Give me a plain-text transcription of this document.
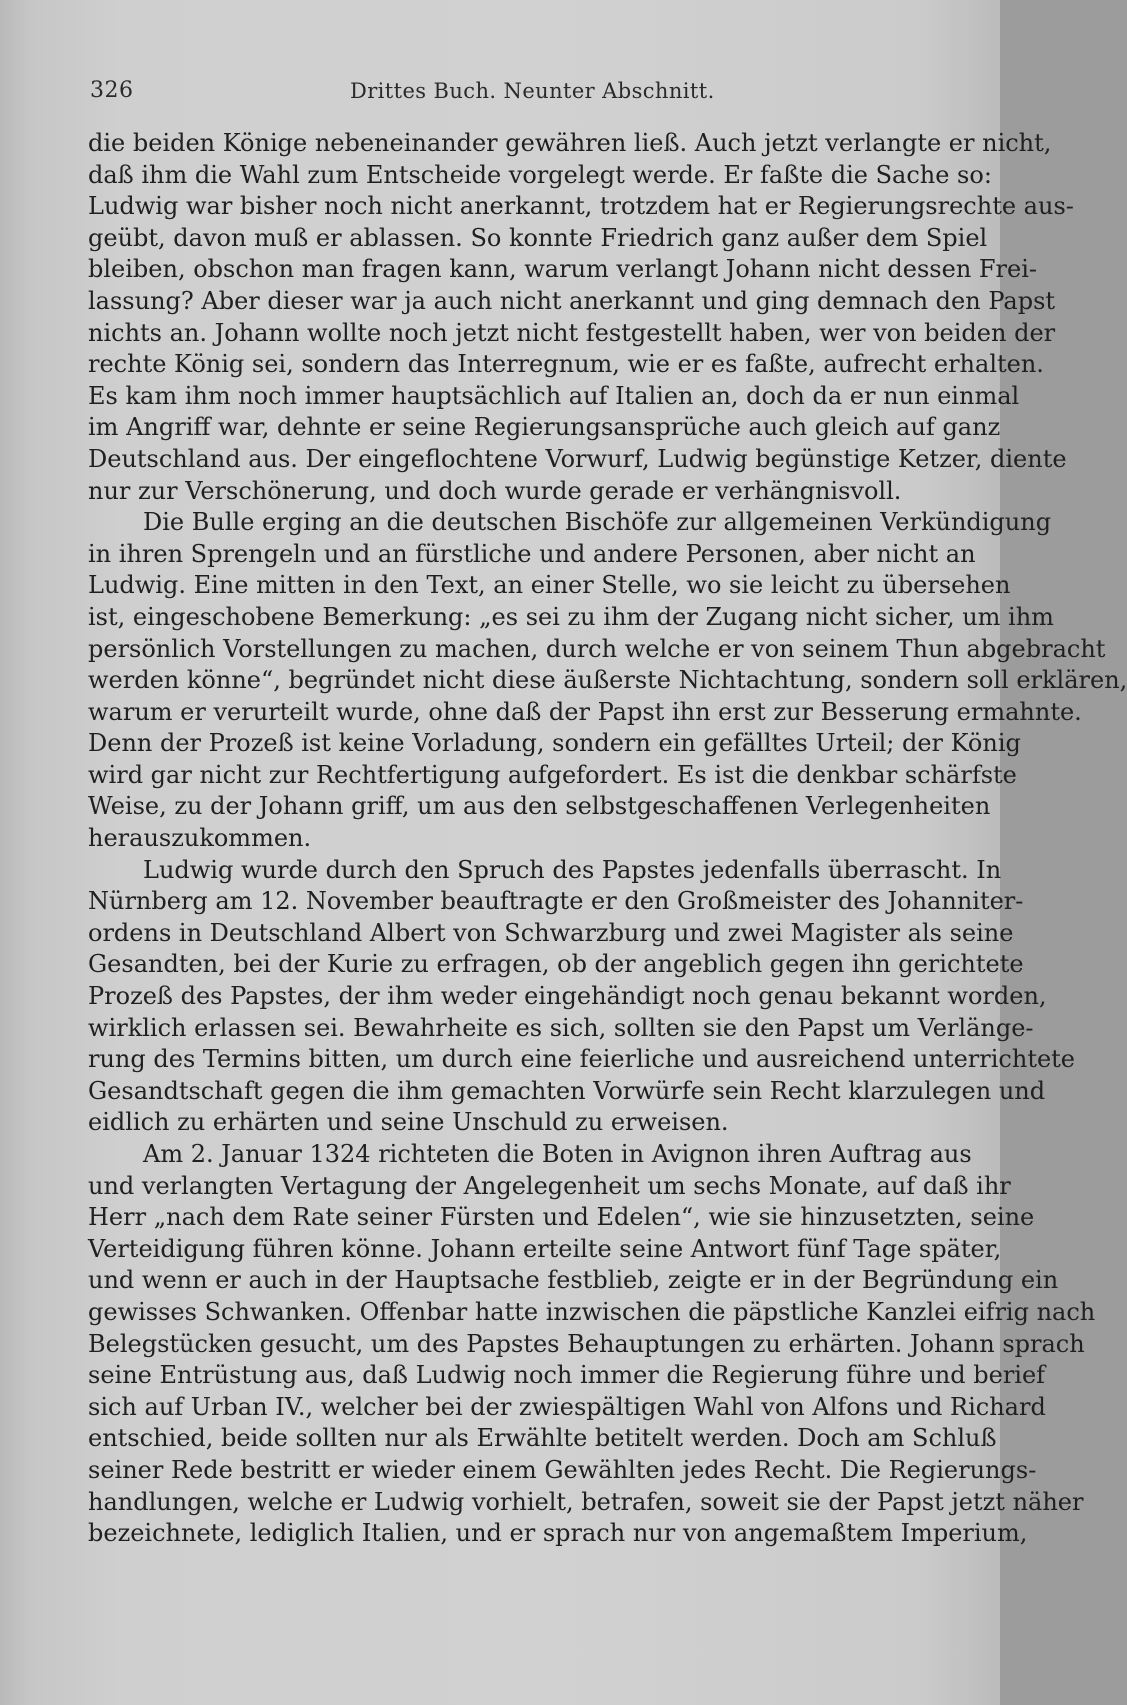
326	Drittes Buch. Neunter Abschnitt.
die beiden Könige nebeneinander gewähren ließ. Auch jetzt verlangte er nicht,
daß ihm die Wahl zum Entscheide vorgelegt werde. Er faßte die Sache so:
Ludwig war bisher noch nicht anerkannt, trotzdem hat er Regierungsrechte aus-
geübt, davon muß er ablassen. So konnte Friedrich ganz außer dem Spiel
bleiben, obschon man fragen kann, warum verlangt Johann nicht dessen Frei-
lassung? Aber dieser war ja auch nicht anerkannt und ging demnach den Papst
nichts an. Johann wollte noch jetzt nicht festgestellt haben, wer von beiden der
rechte König sei, sondern das Interregnum, wie er es faßte, aufrecht erhalten.
Es kam ihm noch immer hauptsächlich auf Italien an, doch da er nun einmal
im Angriff war, dehnte er seine Regierungsansprüche auch gleich auf ganz
Deutschland aus. Der eingeflochtene Vorwurf, Ludwig begünstige Ketzer, diente
nur zur Verschönerung, und doch wurde gerade er verhängnisvoll.
Die Bulle erging an die deutschen Bischöfe zur allgemeinen Verkündigung
in ihren Sprengeln und an fürstliche und andere Personen, aber nicht an
Ludwig. Eine mitten in den Text, an einer Stelle, wo sie leicht zu übersehen
ist, eingeschobene Bemerkung: „es sei zu ihm der Zugang nicht sicher, um ihm
persönlich Vorstellungen zu machen, durch welche er von seinem Thun abgebracht
werden könne“, begründet nicht diese äußerste Nichtachtung, sondern soll erklären,
warum er verurteilt wurde, ohne daß der Papst ihn erst zur Besserung ermahnte.
Denn der Prozeß ist keine Vorladung, sondern ein gefälltes Urteil; der König
wird gar nicht zur Rechtfertigung aufgefordert. Es ist die denkbar schärfste
Weise, zu der Johann griff, um aus den selbstgeschaffenen Verlegenheiten
herauszukommen.
Ludwig wurde durch den Spruch des Papstes jedenfalls überrascht. In
Nürnberg am 12. November beauftragte er den Großmeister des Johanniter-
ordens in Deutschland Albert von Schwarzburg und zwei Magister als seine
Gesandten, bei der Kurie zu erfragen, ob der angeblich gegen ihn gerichtete
Prozeß des Papstes, der ihm weder eingehändigt noch genau bekannt worden,
wirklich erlassen sei. Bewahrheite es sich, sollten sie den Papst um Verlänge-
rung des Termins bitten, um durch eine feierliche und ausreichend unterrichtete
Gesandtschaft gegen die ihm gemachten Vorwürfe sein Recht klarzulegen und
eidlich zu erhärten und seine Unschuld zu erweisen.
Am 2. Januar 1324 richteten die Boten in Avignon ihren Auftrag aus
und verlangten Vertagung der Angelegenheit um sechs Monate, auf daß ihr
Herr „nach dem Rate seiner Fürsten und Edelen“, wie sie hinzusetzten, seine
Verteidigung führen könne. Johann erteilte seine Antwort fünf Tage später,
und wenn er auch in der Hauptsache festblieb, zeigte er in der Begründung ein
gewisses Schwanken. Offenbar hatte inzwischen die päpstliche Kanzlei eifrig nach
Belegstücken gesucht, um des Papstes Behauptungen zu erhärten. Johann sprach
seine Entrüstung aus, daß Ludwig noch immer die Regierung führe und berief
sich auf Urban IV., welcher bei der zwiespältigen Wahl von Alfons und Richard
entschied, beide sollten nur als Erwählte betitelt werden. Doch am Schluß
seiner Rede bestritt er wieder einem Gewählten jedes Recht. Die Regierungs-
handlungen, welche er Ludwig vorhielt, betrafen, soweit sie der Papst jetzt näher
bezeichnete, lediglich Italien, und er sprach nur von angemaßtem Imperium,
